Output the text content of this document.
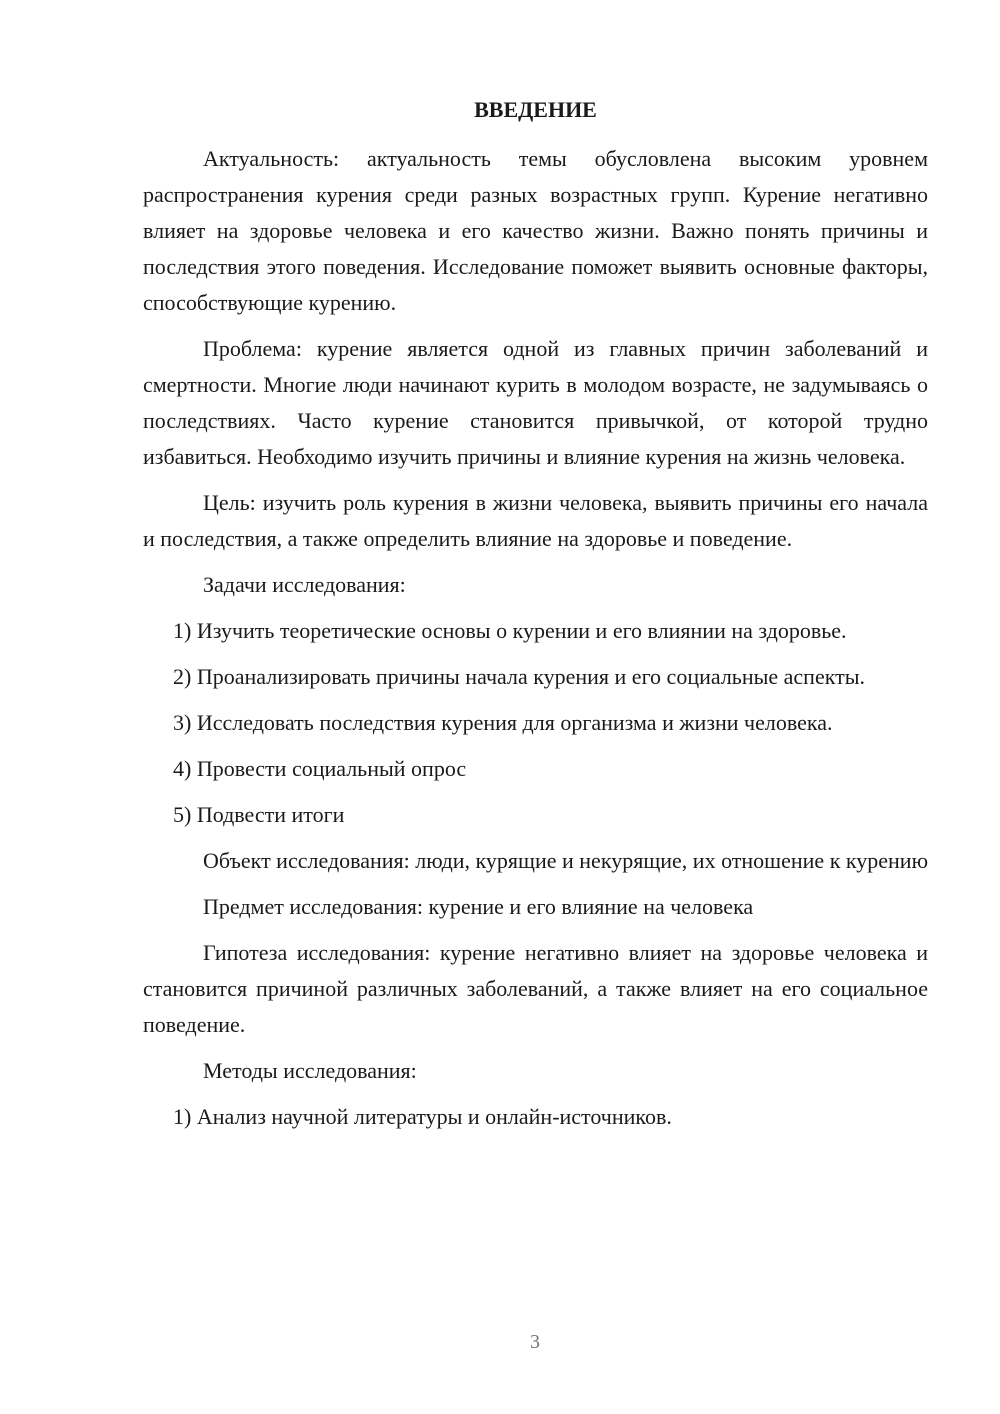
ВВЕДЕНИЕ

Актуальность: актуальность темы обусловлена высоким уровнем распространения курения среди разных возрастных групп. Курение негативно влияет на здоровье человека и его качество жизни. Важно понять причины и последствия этого поведения. Исследование поможет выявить основные факторы, способствующие курению.

Проблема: курение является одной из главных причин заболеваний и смертности. Многие люди начинают курить в молодом возрасте, не задумываясь о последствиях. Часто курение становится привычкой, от которой трудно избавиться. Необходимо изучить причины и влияние курения на жизнь человека.

Цель: изучить роль курения в жизни человека, выявить причины его начала и последствия, а также определить влияние на здоровье и поведение.

Задачи исследования:

1) Изучить теоретические основы о курении и его влиянии на здоровье.

2) Проанализировать причины начала курения и его социальные аспекты.

3) Исследовать последствия курения для организма и жизни человека.

4) Провести социальный опрос

5) Подвести итоги

Объект исследования: люди, курящие и некурящие, их отношение к курению

Предмет исследования: курение и его влияние на человека

Гипотеза исследования: курение негативно влияет на здоровье человека и становится причиной различных заболеваний, а также влияет на его социальное поведение.

Методы исследования:

1) Анализ научной литературы и онлайн-источников.

3
